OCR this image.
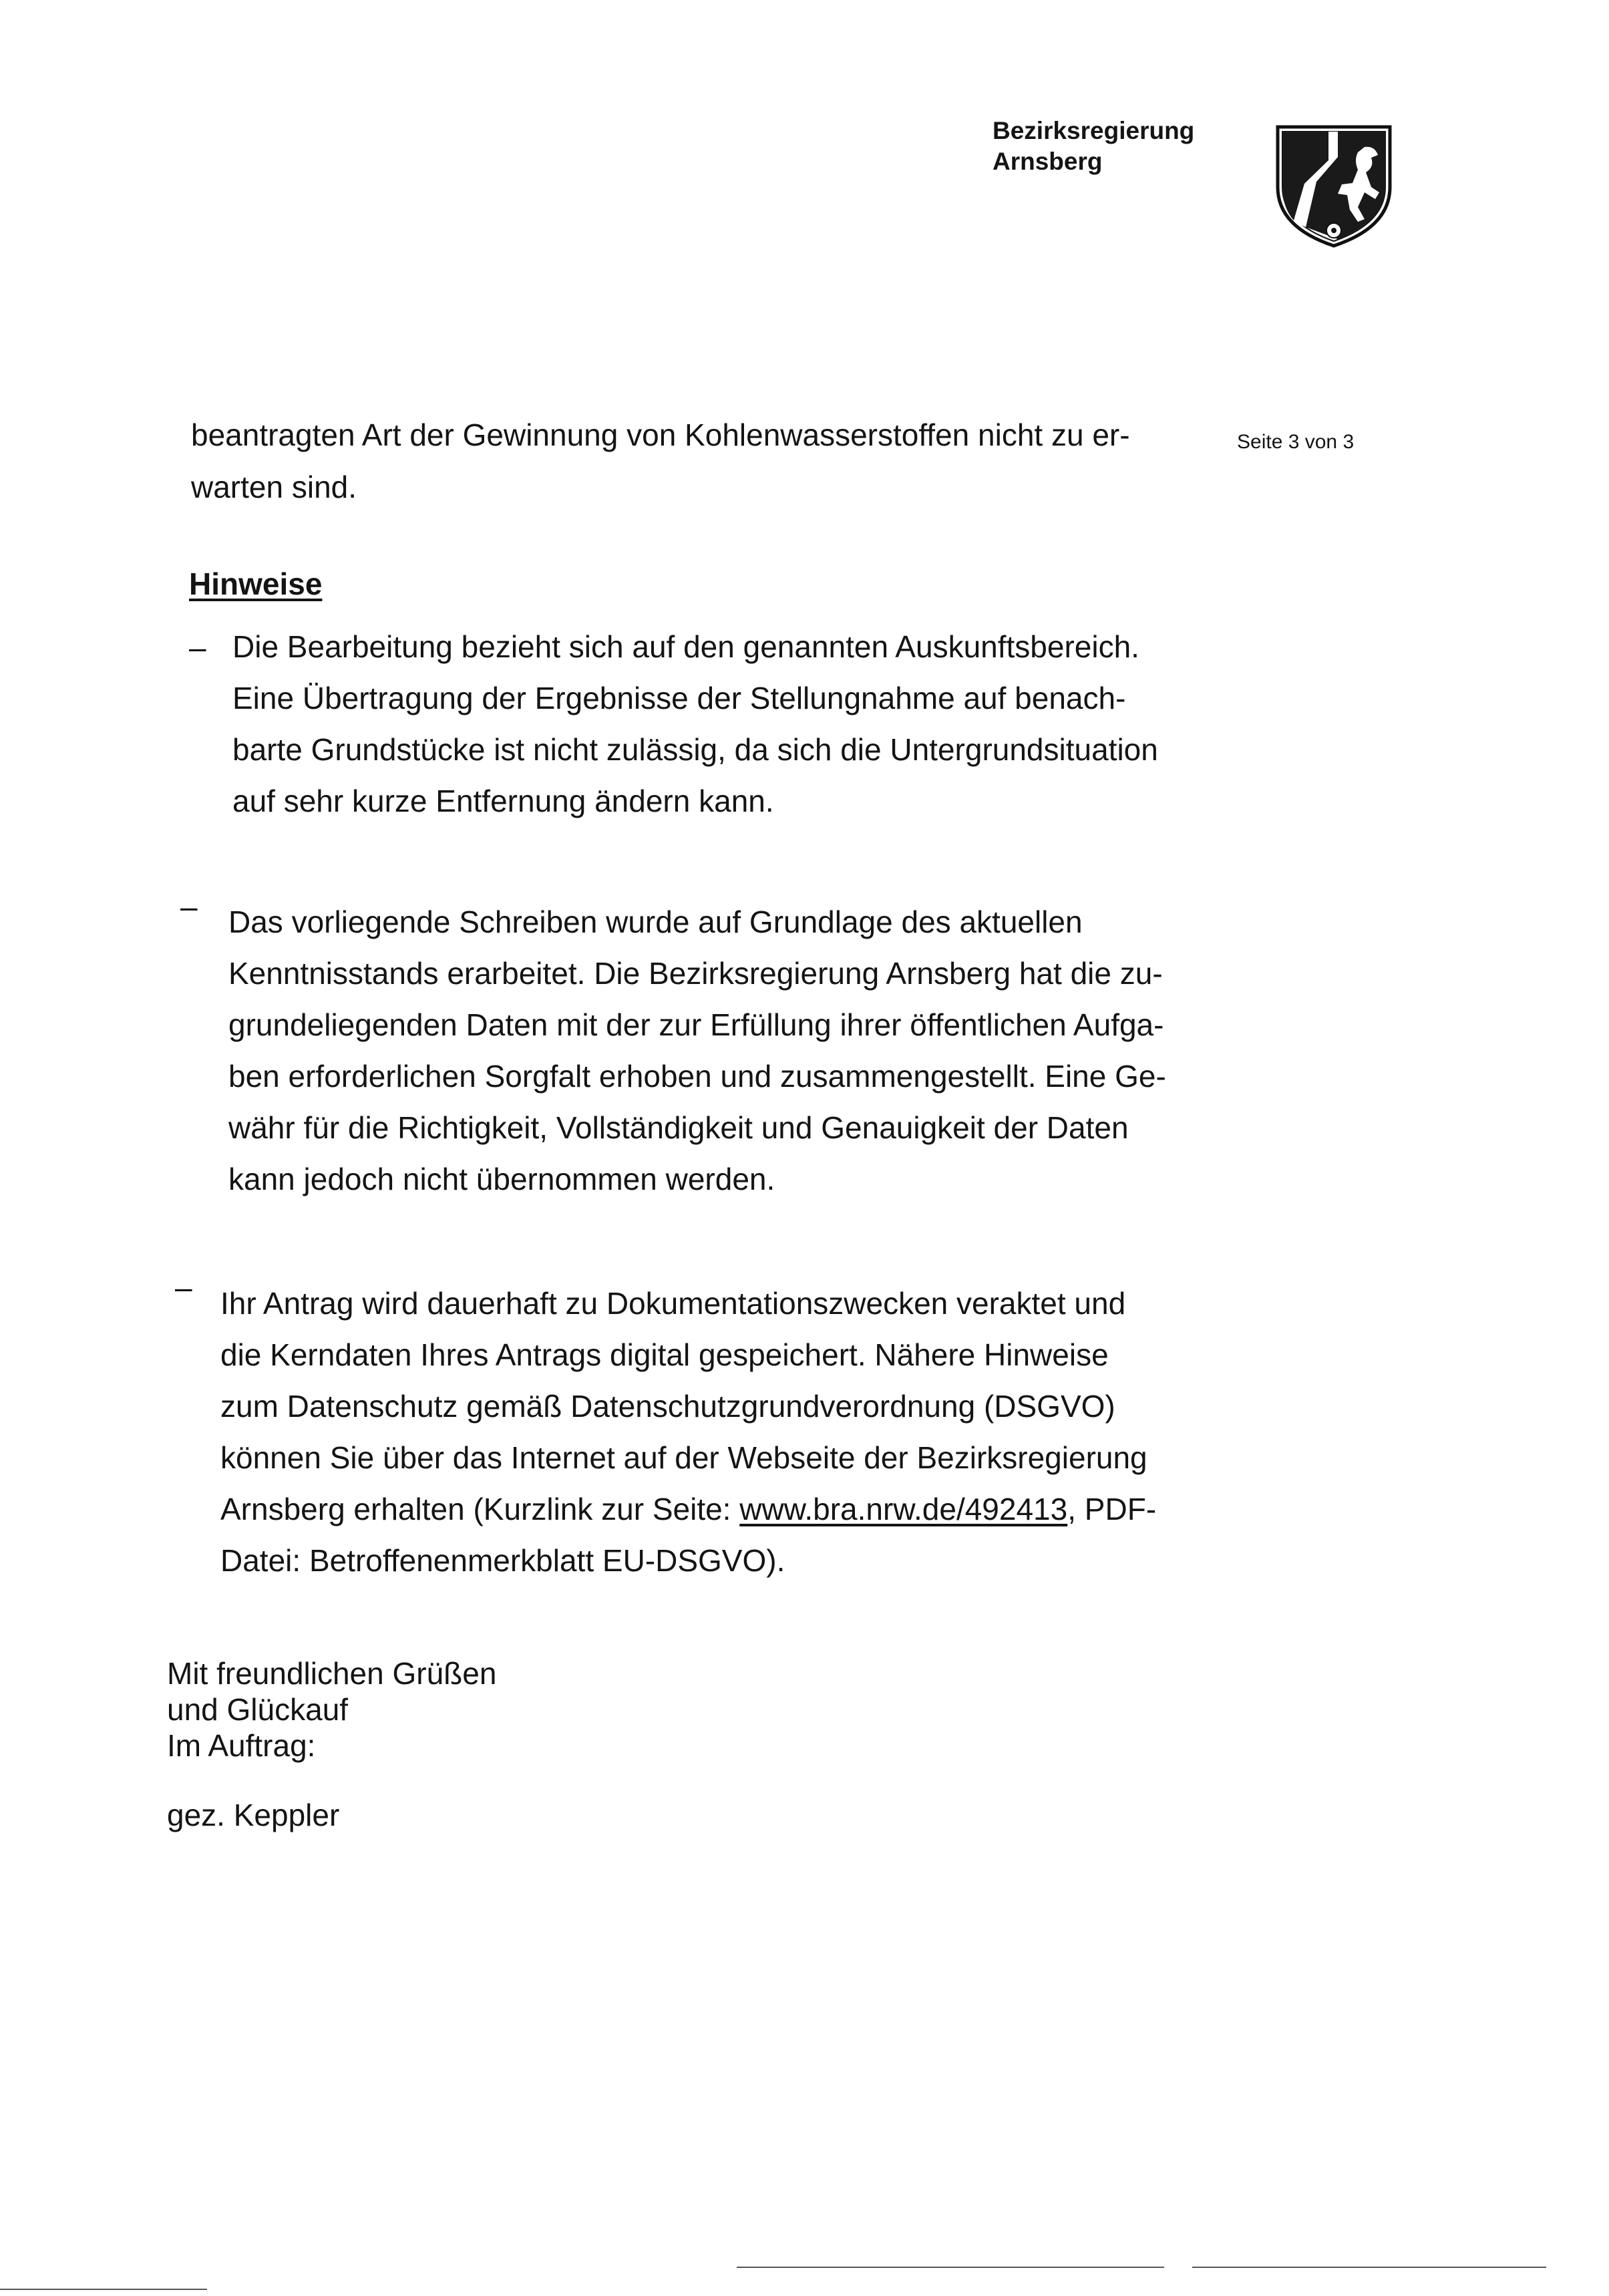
Bezirksregierung
Arnsberg
Seite 3 von 3
beantragten Art der Gewinnung von Kohlenwasserstoffen nicht zu er-
warten sind.
Hinweise
– Die Bearbeitung bezieht sich auf den genannten Auskunftsbereich.
Eine Übertragung der Ergebnisse der Stellungnahme auf benach-
barte Grundstücke ist nicht zulässig, da sich die Untergrundsituation
auf sehr kurze Entfernung ändern kann.
– Das vorliegende Schreiben wurde auf Grundlage des aktuellen
Kenntnisstands erarbeitet. Die Bezirksregierung Arnsberg hat die zu-
grundeliegenden Daten mit der zur Erfüllung ihrer öffentlichen Aufga-
ben erforderlichen Sorgfalt erhoben und zusammengestellt. Eine Ge-
währ für die Richtigkeit, Vollständigkeit und Genauigkeit der Daten
kann jedoch nicht übernommen werden.
– Ihr Antrag wird dauerhaft zu Dokumentationszwecken veraktet und
die Kerndaten Ihres Antrags digital gespeichert. Nähere Hinweise
zum Datenschutz gemäß Datenschutzgrundverordnung (DSGVO)
können Sie über das Internet auf der Webseite der Bezirksregierung
Arnsberg erhalten (Kurzlink zur Seite: www.bra.nrw.de/492413, PDF-
Datei: Betroffenenmerkblatt EU-DSGVO).
Mit freundlichen Grüßen
und Glückauf
Im Auftrag:
gez. Keppler
